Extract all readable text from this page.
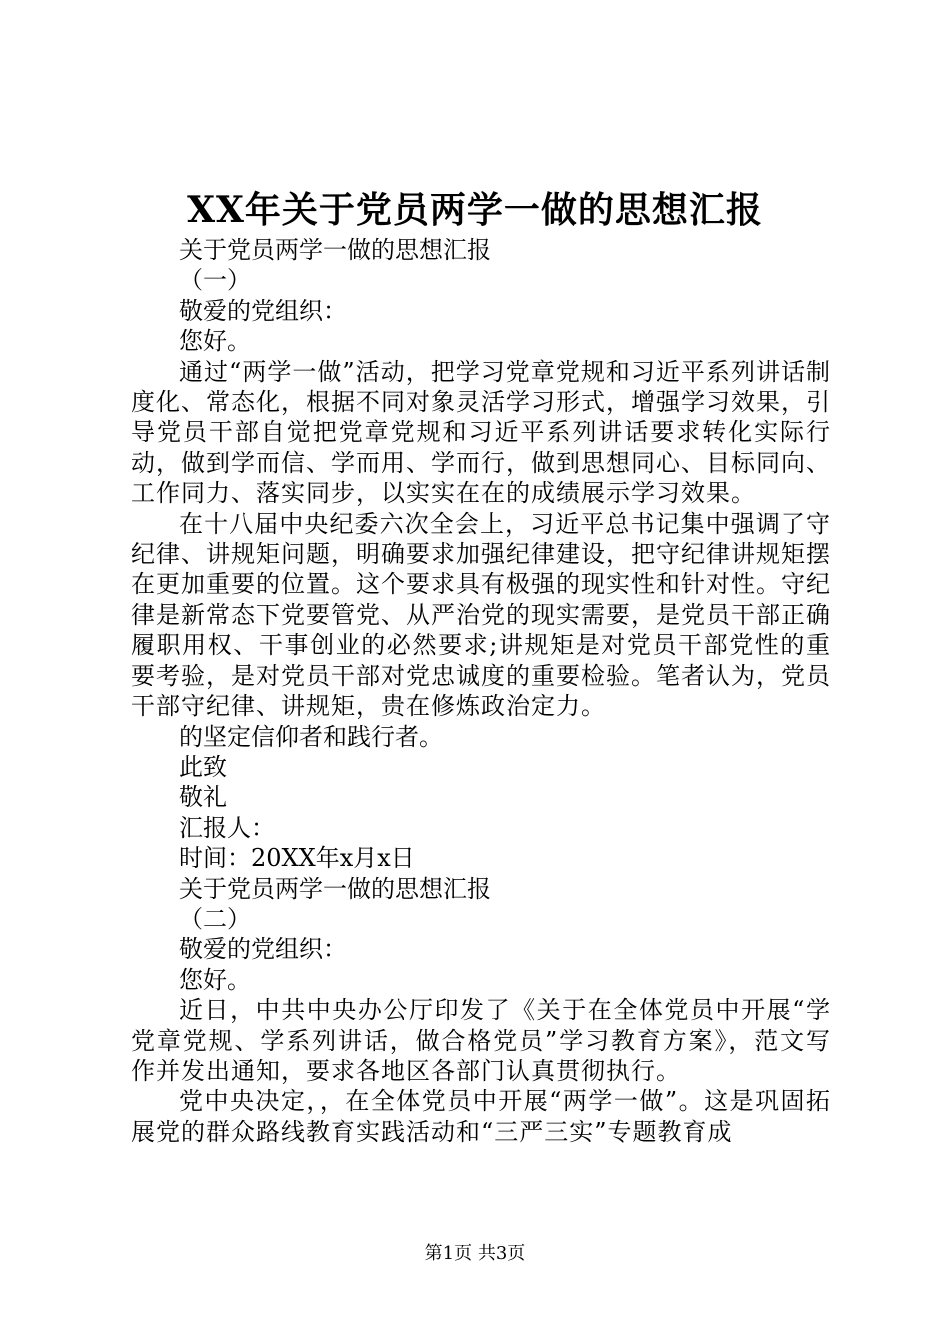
XX年关于党员两学一做的思想汇报

关于党员两学一做的思想汇报

（一）

敬爱的党组织：

您好。

通过“两学一做”活动，把学习党章党规和习近平系列讲话制度化、常态化，根据不同对象灵活学习形式，增强学习效果，引导党员干部自觉把党章党规和习近平系列讲话要求转化实际行动，做到学而信、学而用、学而行，做到思想同心、目标同向、工作同力、落实同步，以实实在在的成绩展示学习效果。

在十八届中央纪委六次全会上，习近平总书记集中强调了守纪律、讲规矩问题，明确要求加强纪律建设，把守纪律讲规矩摆在更加重要的位置。这个要求具有极强的现实性和针对性。守纪律是新常态下党要管党、从严治党的现实需要，是党员干部正确履职用权、干事创业的必然要求;讲规矩是对党员干部党性的重要考验，是对党员干部对党忠诚度的重要检验。笔者认为，党员干部守纪律、讲规矩，贵在修炼政治定力。

的坚定信仰者和践行者。

此致

敬礼

汇报人：

时间：20XX年x月x日

关于党员两学一做的思想汇报

（二）

敬爱的党组织：

您好。

近日，中共中央办公厅印发了《关于在全体党员中开展“学党章党规、学系列讲话，做合格党员”学习教育方案》，范文写作并发出通知，要求各地区各部门认真贯彻执行。

党中央决定，，在全体党员中开展“两学一做”。这是巩固拓展党的群众路线教育实践活动和“三严三实”专题教育成

第1页 共3页
